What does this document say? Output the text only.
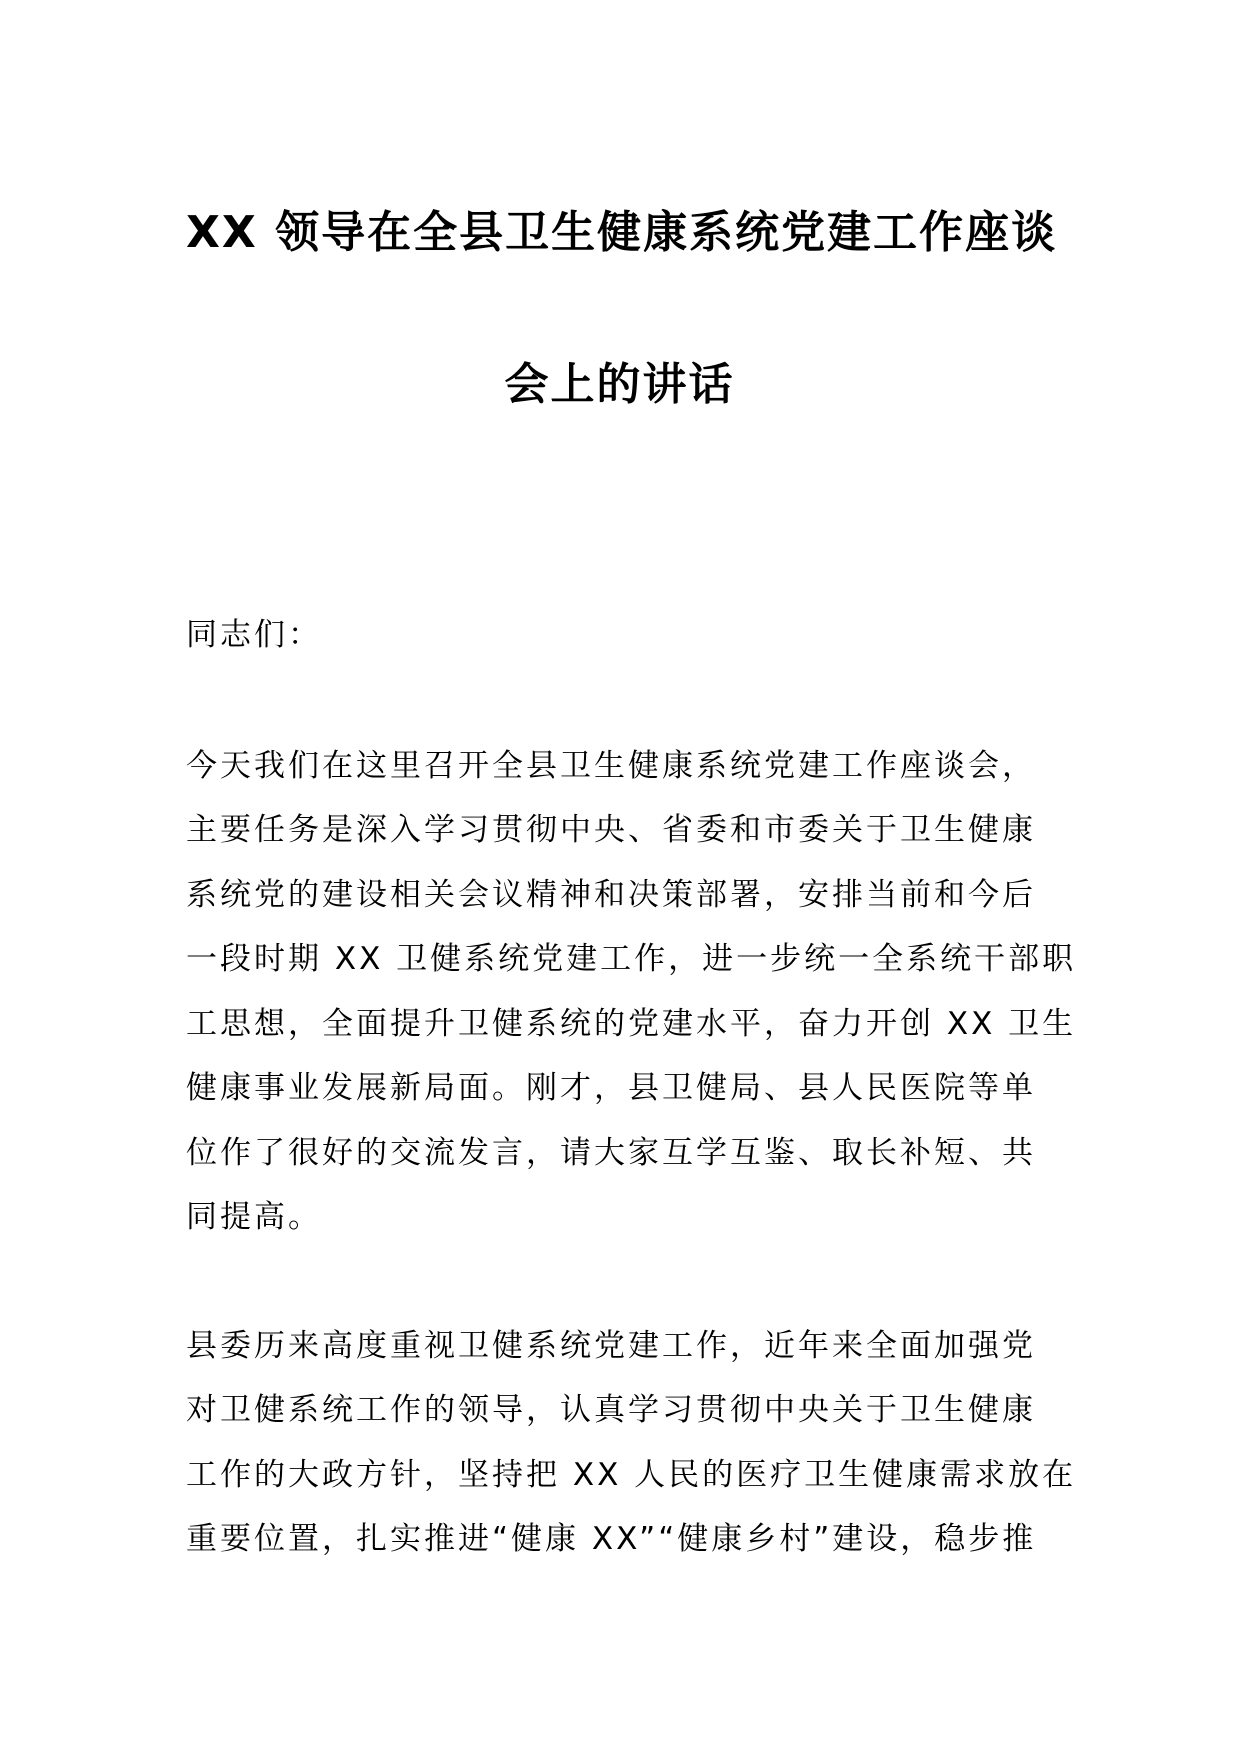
XX 领导在全县卫生健康系统党建工作座谈
会上的讲话
同志们：
今天我们在这里召开全县卫生健康系统党建工作座谈会，
主要任务是深入学习贯彻中央、省委和市委关于卫生健康
系统党的建设相关会议精神和决策部署，安排当前和今后
一段时期 XX 卫健系统党建工作，进一步统一全系统干部职
工思想，全面提升卫健系统的党建水平，奋力开创 XX 卫生
健康事业发展新局面。刚才，县卫健局、县人民医院等单
位作了很好的交流发言，请大家互学互鉴、取长补短、共
同提高。
县委历来高度重视卫健系统党建工作，近年来全面加强党
对卫健系统工作的领导，认真学习贯彻中央关于卫生健康
工作的大政方针，坚持把 XX 人民的医疗卫生健康需求放在
重要位置，扎实推进“健康 XX”“健康乡村”建设，稳步推
